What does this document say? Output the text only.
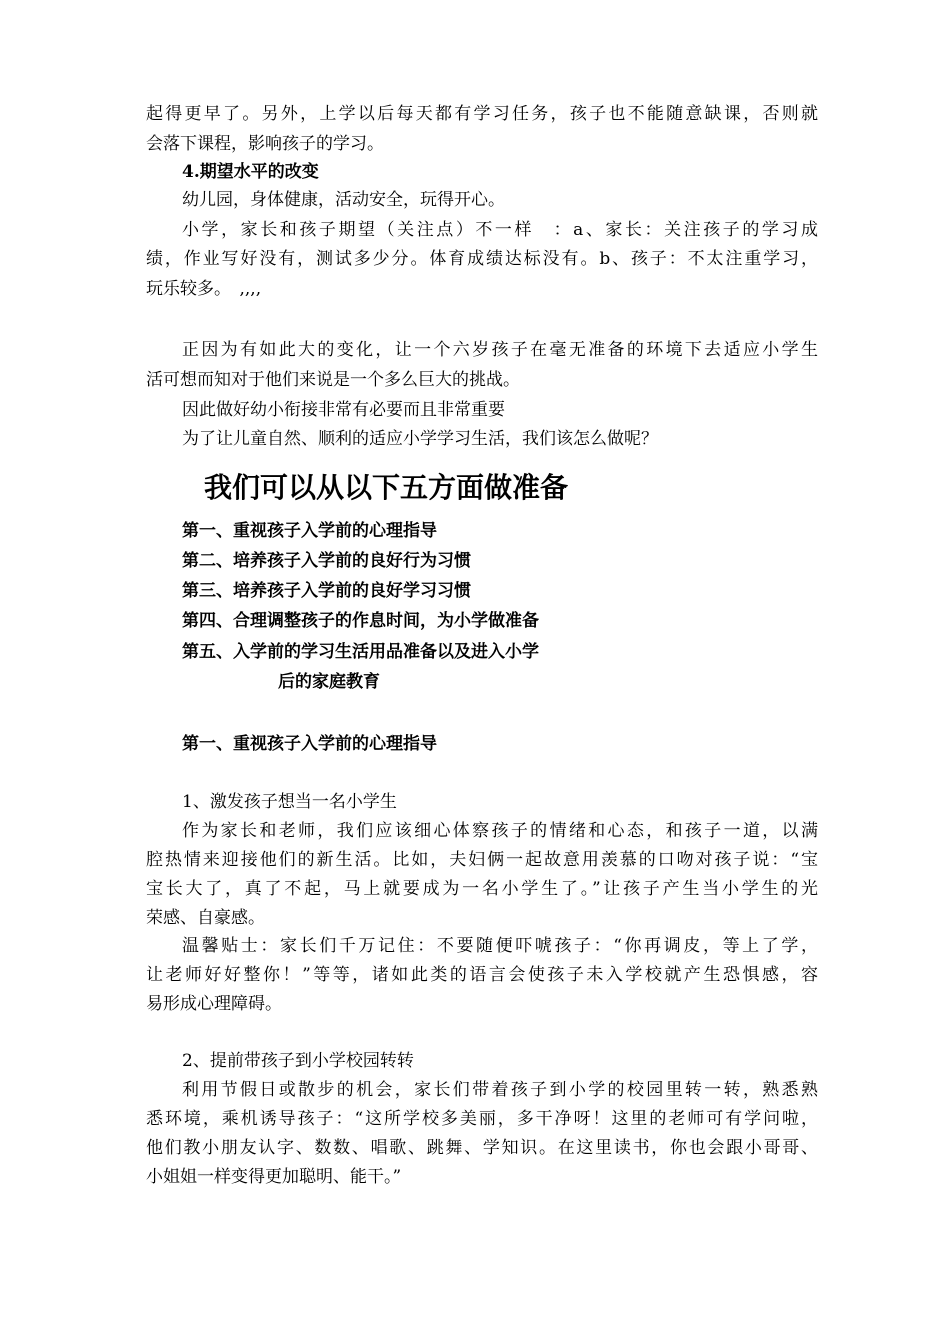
起得更早了。另外，上学以后每天都有学习任务，孩子也不能随意缺课，否则就
会落下课程，影响孩子的学习。
4.期望水平的改变
幼儿园，身体健康，活动安全，玩得开心。
小学，家长和孩子期望（关注点）不一样　：a、家长：关注孩子的学习成
绩，作业写好没有，测试多少分。体育成绩达标没有。b、孩子：不太注重学习，
玩乐较多。　,,,,
正因为有如此大的变化，让一个六岁孩子在毫无准备的环境下去适应小学生
活可想而知对于他们来说是一个多么巨大的挑战。
因此做好幼小衔接非常有必要而且非常重要
为了让儿童自然、顺利的适应小学学习生活，我们该怎么做呢？
我们可以从以下五方面做准备
第一、重视孩子入学前的心理指导
第二、培养孩子入学前的良好行为习惯
第三、培养孩子入学前的良好学习习惯
第四、合理调整孩子的作息时间，为小学做准备
第五、入学前的学习生活用品准备以及进入小学
后的家庭教育
第一、重视孩子入学前的心理指导
1、激发孩子想当一名小学生
作为家长和老师，我们应该细心体察孩子的情绪和心态，和孩子一道，以满
腔热情来迎接他们的新生活。比如，夫妇俩一起故意用羡慕的口吻对孩子说：“宝
宝长大了，真了不起，马上就要成为一名小学生了。”让孩子产生当小学生的光
荣感、自豪感。
温馨贴士：家长们千万记住：不要随便吓唬孩子：“你再调皮，等上了学，
让老师好好整你！”等等，诸如此类的语言会使孩子未入学校就产生恐惧感，容
易形成心理障碍。
2、提前带孩子到小学校园转转
利用节假日或散步的机会，家长们带着孩子到小学的校园里转一转，熟悉熟
悉环境，乘机诱导孩子：“这所学校多美丽，多干净呀！这里的老师可有学问啦，
他们教小朋友认字、数数、唱歌、跳舞、学知识。在这里读书，你也会跟小哥哥、
小姐姐一样变得更加聪明、能干。”
